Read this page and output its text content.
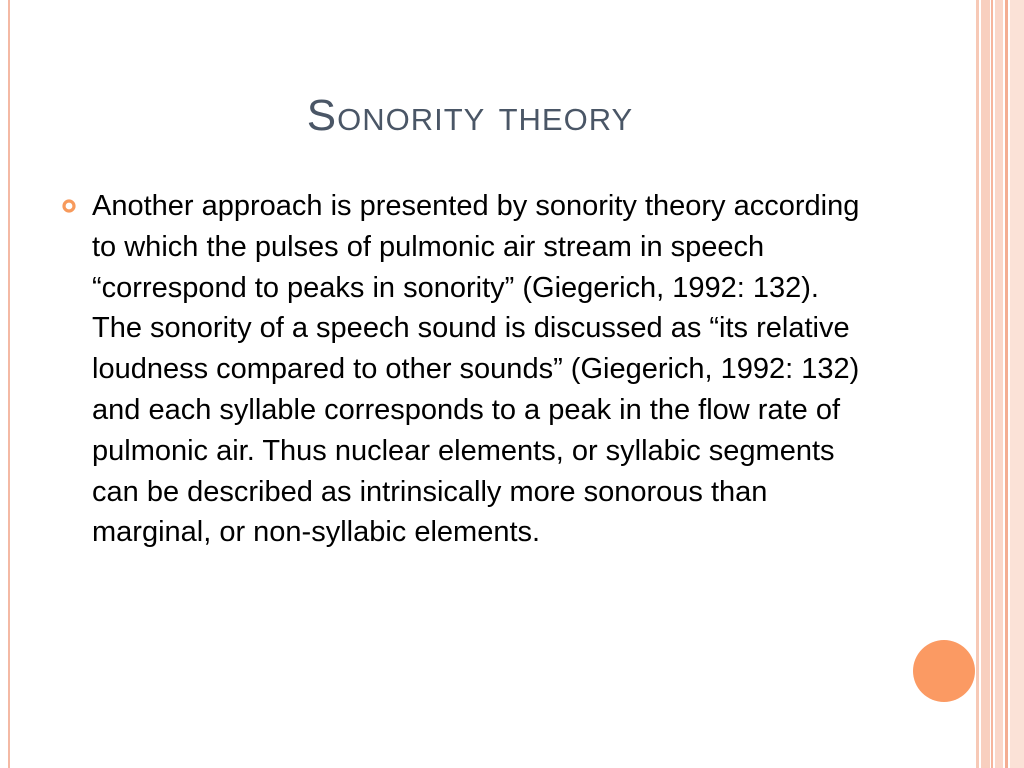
Sonority theory
Another approach is presented by sonority theory according to which the pulses of pulmonic air stream in speech “correspond to peaks in sonority” (Giegerich, 1992: 132). The sonority of a speech sound is discussed as “its relative loudness compared to other sounds” (Giegerich, 1992: 132) and each syllable corresponds to a peak in the flow rate of pulmonic air. Thus nuclear elements, or syllabic segments can be described as intrinsically more sonorous than marginal, or non-syllabic elements.
